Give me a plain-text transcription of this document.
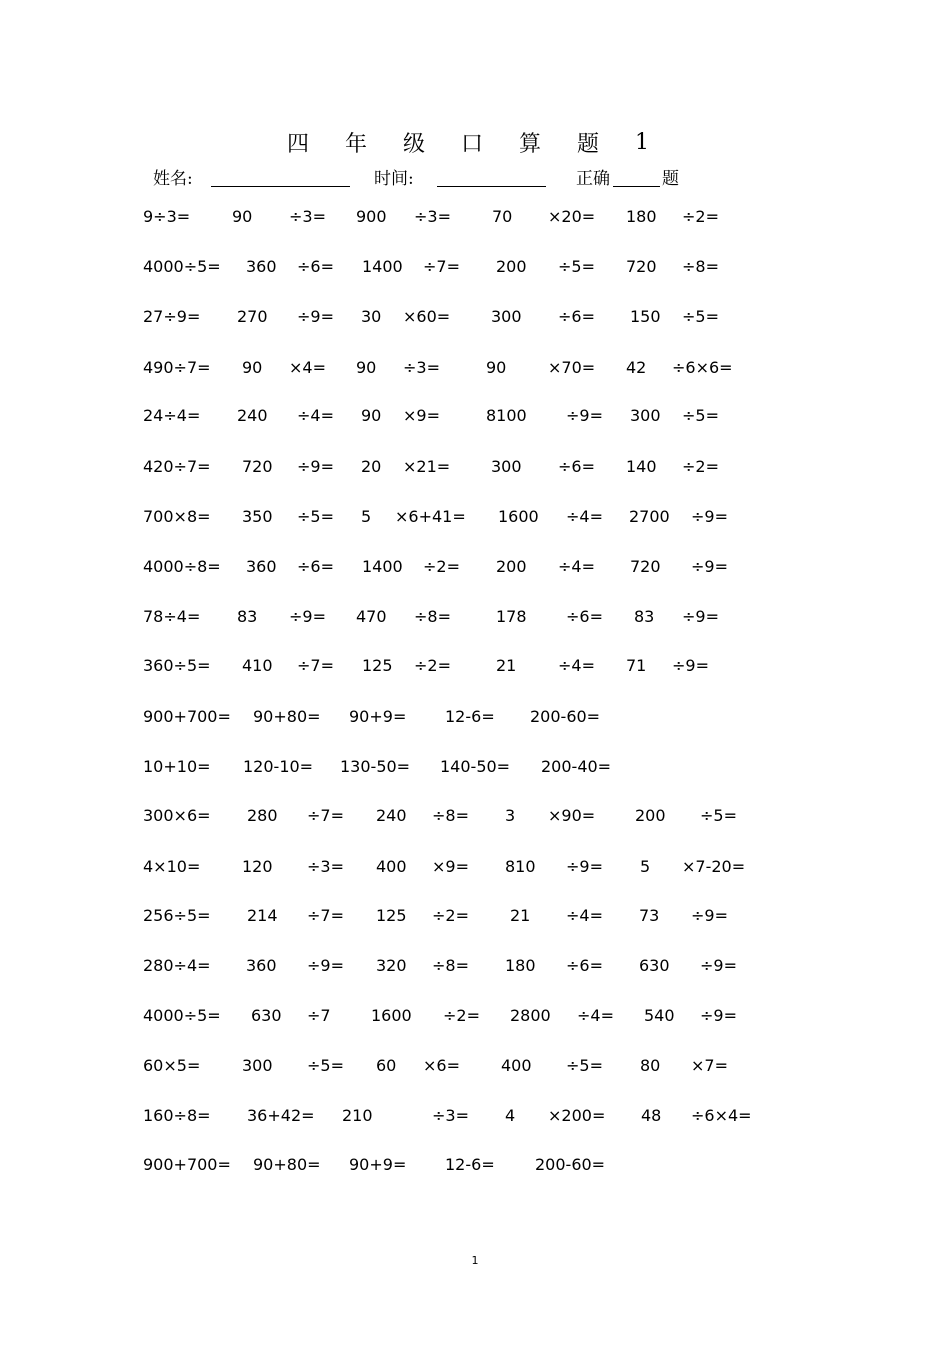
四	年	级	口	算	题	1
姓名:	时间:	正确	题
9÷3=	90 ÷3= 900 ÷3=	70 ×20= 180 ÷2=
4000÷5= 360 ÷6= 1400 ÷7= 200 ÷5= 720 ÷8=
27÷9= 270 ÷9= 30 ×60=	300 ÷6= 150 ÷5=
490÷7= 90 ×4= 90 ÷3=	90	×70= 42 ÷6×6=
24÷4= 240 ÷4= 90 ×9=	8100 ÷9= 300 ÷5=
420÷7= 720 ÷9= 20 ×21=	300 ÷6= 140 ÷2=
700×8= 350 ÷5= 5 ×6+41= 1600 ÷4= 2700 ÷9=
4000÷8= 360 ÷6= 1400 ÷2= 200 ÷4= 720 ÷9=
78÷4= 83 ÷9= 470 ÷8=	178 ÷6= 83 ÷9=
360÷5= 410 ÷7= 125 ÷2=	21	÷4= 71 ÷9=
900+700= 90+80= 90+9= 12-6= 200-60=
10+10= 120-10= 130-50= 140-50= 200-40=
300×6= 280 ÷7= 240 ÷8= 3 ×90= 200 ÷5=
4×10=	120 ÷3= 400 ×9= 810 ÷9= 5 ×7-20=
256÷5= 214 ÷7= 125 ÷2=	21 ÷4= 73 ÷9=
280÷4= 360 ÷9= 320 ÷8= 180 ÷6= 630 ÷9=
4000÷5= 630 ÷7	1600 ÷2= 2800 ÷4= 540 ÷9=
60×5=	300 ÷5= 60 ×6=	400 ÷5= 80 ×7=
160÷8= 36+42= 210	÷3= 4 ×200= 48 ÷6×4=
900+700= 90+80= 90+9= 12-6=	200-60=
1
